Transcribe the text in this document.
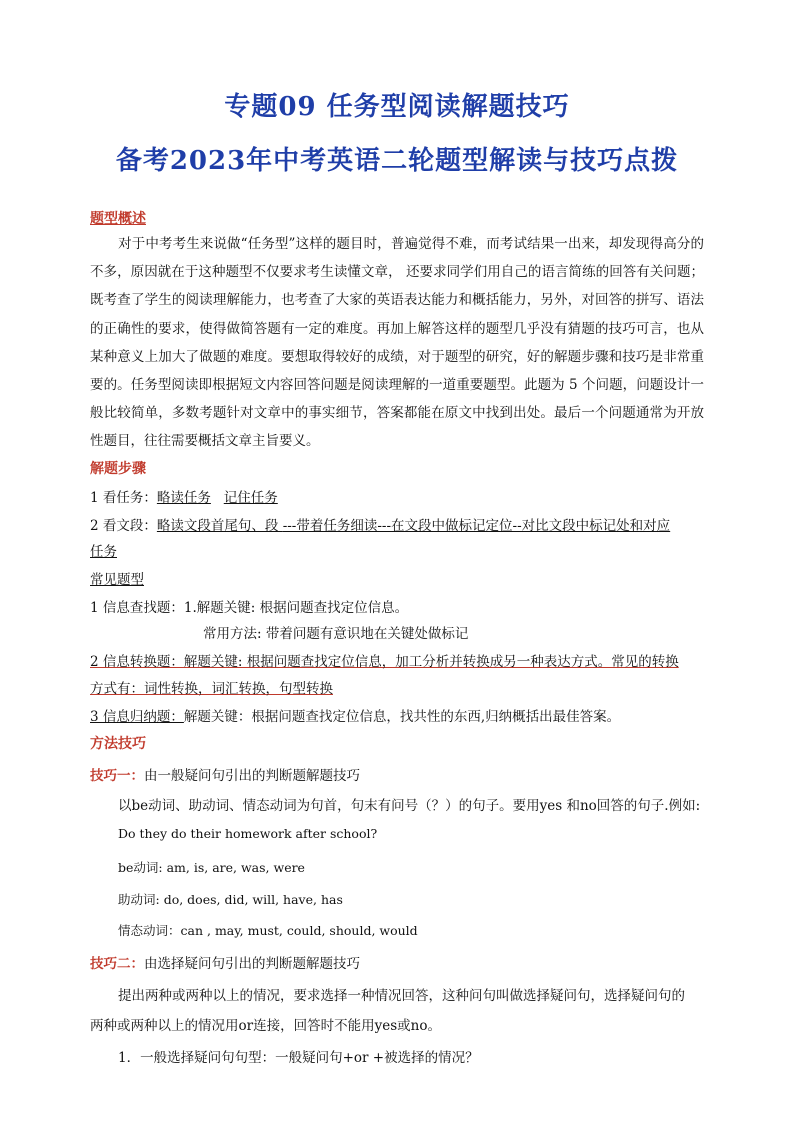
专题09 任务型阅读解题技巧
备考2023年中考英语二轮题型解读与技巧点拨
题型概述
对于中考考生来说做“任务型”这样的题目时，普遍觉得不难，而考试结果一出来，却发现得高分的不多，原因就在于这种题型不仅要求考生读懂文章， 还要求同学们用自己的语言简练的回答有关问题；既考查了学生的阅读理解能力，也考查了大家的英语表达能力和概括能力，另外，对回答的拼写、语法的正确性的要求，使得做简答题有一定的难度。再加上解答这样的题型几乎没有猜题的技巧可言，也从某种意义上加大了做题的难度。要想取得较好的成绩，对于题型的研究，好的解题步骤和技巧是非常重要的。任务型阅读即根据短文内容回答问题是阅读理解的一道重要题型。此题为 5 个问题，问题设计一般比较简单，多数考题针对文章中的事实细节，答案都能在原文中找到出处。最后一个问题通常为开放性题目，往往需要概括文章主旨要义。
解题步骤
1 看任务：略读任务 记住任务
2 看文段：略读文段首尾句、段 ---带着任务细读---在文段中做标记定位--对比文段中标记处和对应
任务
常见题型
1 信息查找题：1.解题关键: 根据问题查找定位信息。
常用方法: 带着问题有意识地在关键处做标记
2 信息转换题：解题关键: 根据问题查找定位信息，加工分析并转换成另一种表达方式。常见的转换
方式有：词性转换，词汇转换，句型转换
3 信息归纳题：解题关键：根据问题查找定位信息，找共性的东西,归纳概括出最佳答案。
方法技巧
技巧一：由一般疑问句引出的判断题解题技巧
以be动词、助动词、情态动词为句首，句末有问号（？）的句子。要用yes 和no回答的句子.例如:
Do they do their homework after school?
be动词: am, is, are, was, were
助动词: do, does, did, will, have, has
情态动词：can , may, must, could, should, would
技巧二：由选择疑问句引出的判断题解题技巧
提出两种或两种以上的情况，要求选择一种情况回答，这种问句叫做选择疑问句，选择疑问句的
两种或两种以上的情况用or连接，回答时不能用yes或no。
1．一般选择疑问句句型：一般疑问句+or +被选择的情况？
